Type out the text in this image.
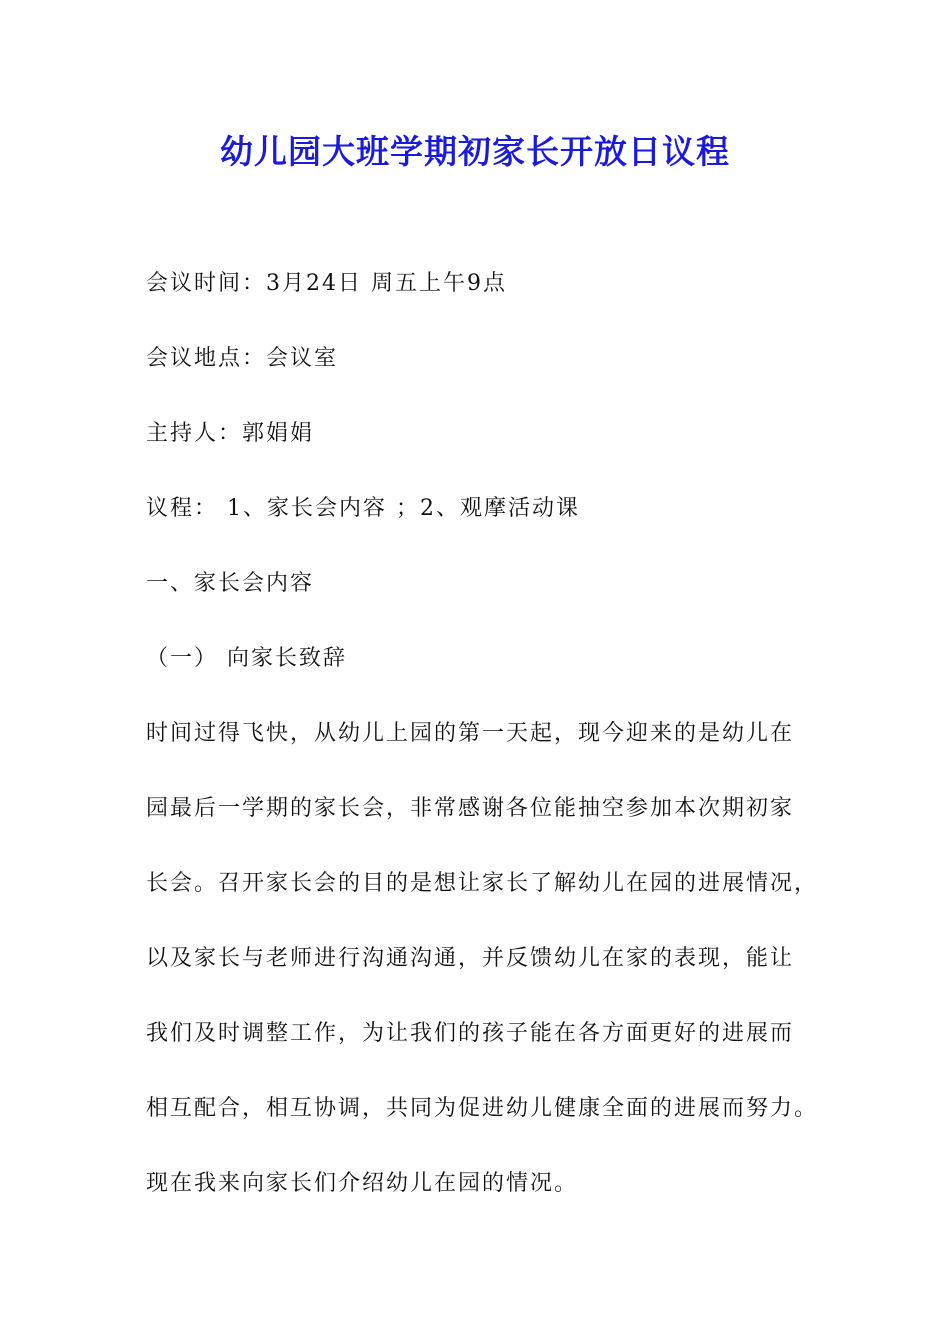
幼儿园大班学期初家长开放日议程
会议时间：3月24日 周五上午9点
会议地点：会议室
主持人：郭娟娟
议程： 1、家长会内容 ；2、观摩活动课
一、家长会内容
（一） 向家长致辞
时间过得飞快，从幼儿上园的第一天起，现今迎来的是幼儿在
园最后一学期的家长会，非常感谢各位能抽空参加本次期初家
长会。召开家长会的目的是想让家长了解幼儿在园的进展情况，
以及家长与老师进行沟通沟通，并反馈幼儿在家的表现，能让
我们及时调整工作，为让我们的孩子能在各方面更好的进展而
相互配合，相互协调，共同为促进幼儿健康全面的进展而努力。
现在我来向家长们介绍幼儿在园的情况。
